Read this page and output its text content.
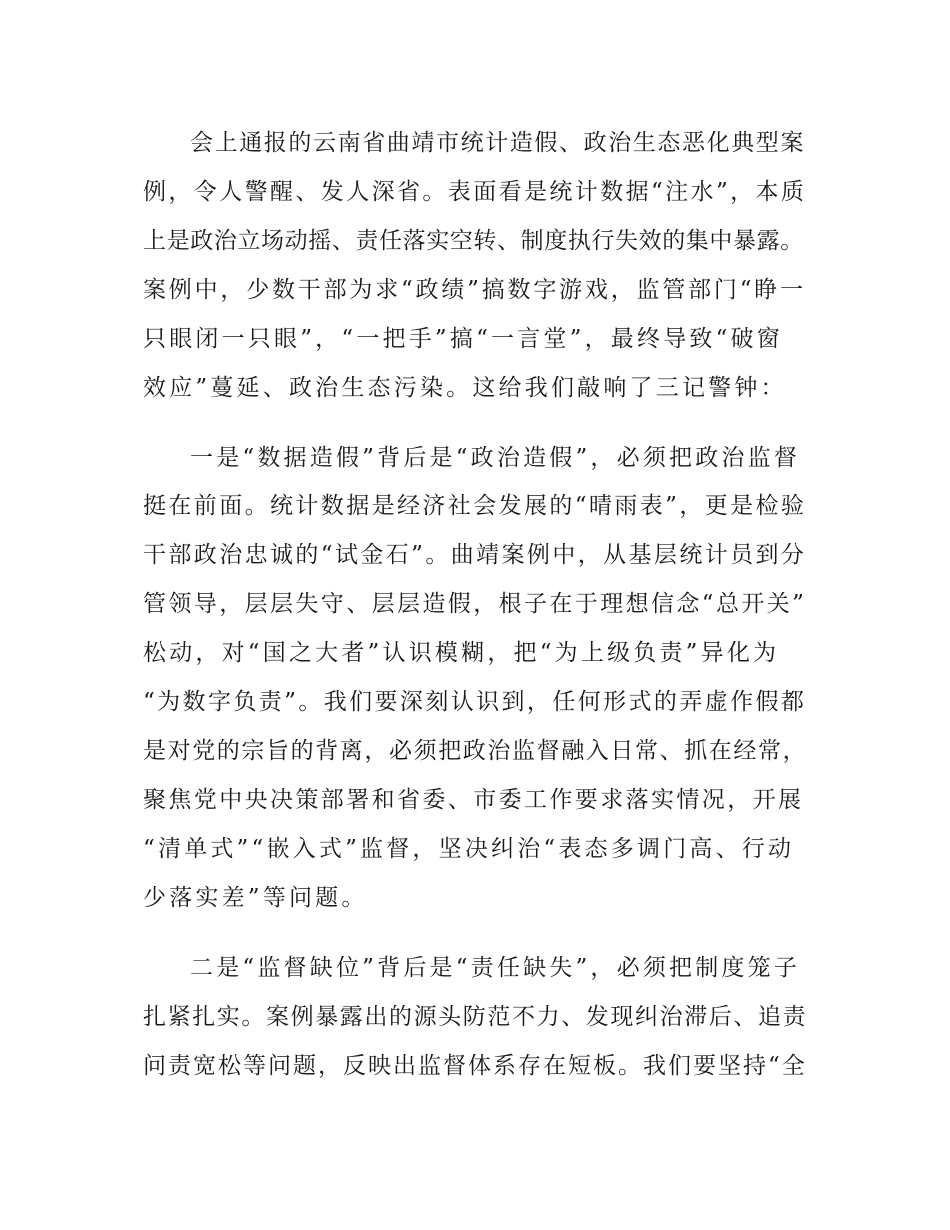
会上通报的云南省曲靖市统计造假、政治生态恶化典型案
例，令人警醒、发人深省。表面看是统计数据“注水”，本质
上是政治立场动摇、责任落实空转、制度执行失效的集中暴露。
案例中，少数干部为求“政绩”搞数字游戏，监管部门“睁一
只眼闭一只眼”，“一把手”搞“一言堂”，最终导致“破窗
效应”蔓延、政治生态污染。这给我们敲响了三记警钟：
一是“数据造假”背后是“政治造假”，必须把政治监督
挺在前面。统计数据是经济社会发展的“晴雨表”，更是检验
干部政治忠诚的“试金石”。曲靖案例中，从基层统计员到分
管领导，层层失守、层层造假，根子在于理想信念“总开关”
松动，对“国之大者”认识模糊，把“为上级负责”异化为
“为数字负责”。我们要深刻认识到，任何形式的弄虚作假都
是对党的宗旨的背离，必须把政治监督融入日常、抓在经常，
聚焦党中央决策部署和省委、市委工作要求落实情况，开展
“清单式”“嵌入式”监督，坚决纠治“表态多调门高、行动
少落实差”等问题。
二是“监督缺位”背后是“责任缺失”，必须把制度笼子
扎紧扎实。案例暴露出的源头防范不力、发现纠治滞后、追责
问责宽松等问题，反映出监督体系存在短板。我们要坚持“全
